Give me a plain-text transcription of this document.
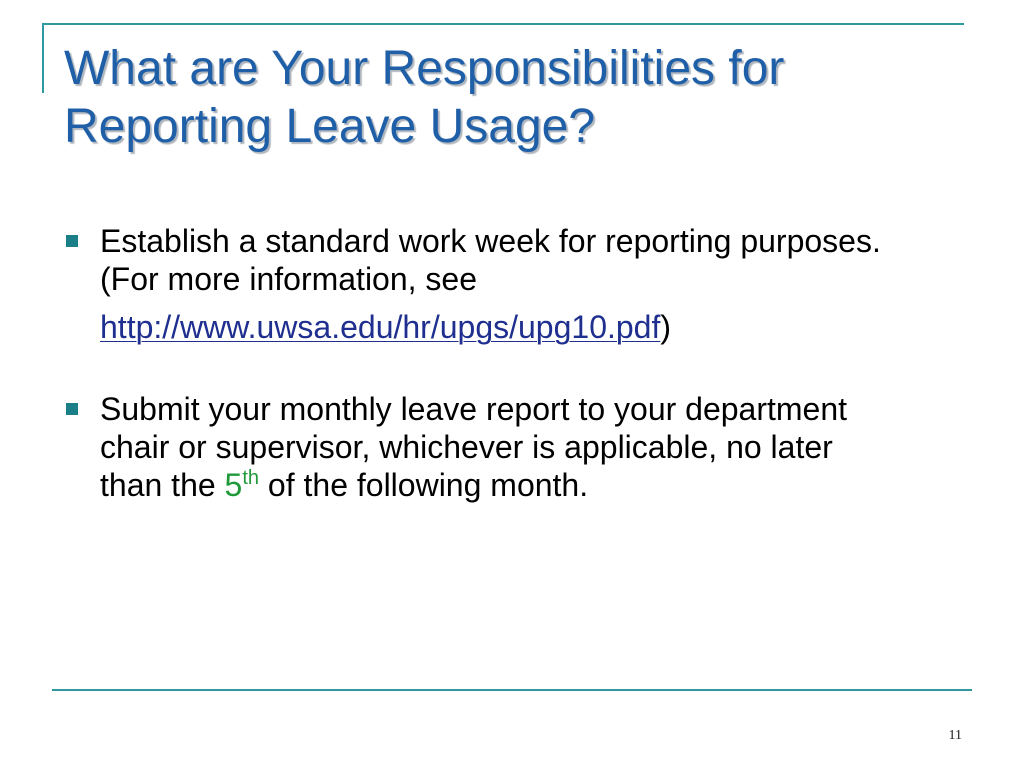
What are Your Responsibilities for
Reporting Leave Usage?
Establish a standard work week for reporting purposes. (For more information, see
http://www.uwsa.edu/hr/upgs/upg10.pdf)
Submit your monthly leave report to your department chair or supervisor, whichever is applicable, no later than the 5th of the following month.
11
